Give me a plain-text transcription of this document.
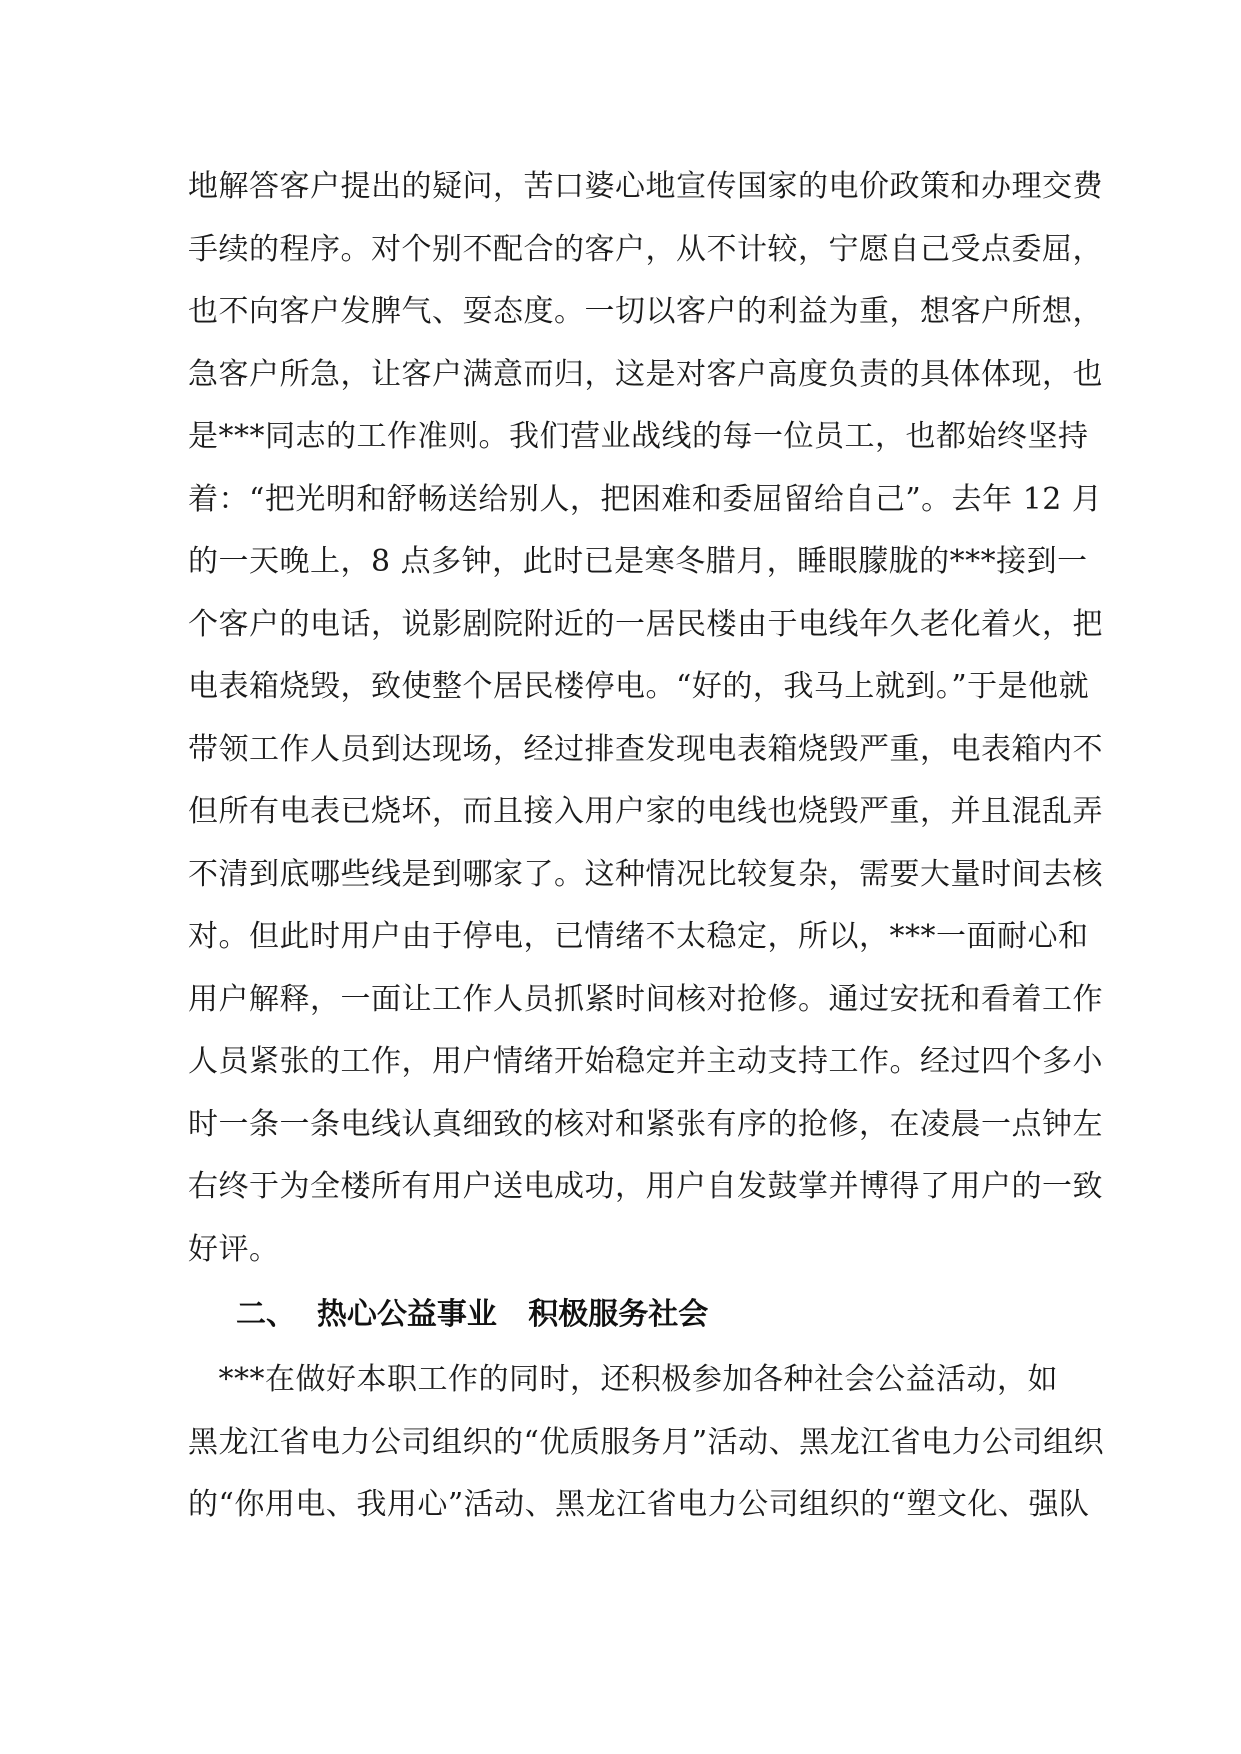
地解答客户提出的疑问，苦口婆心地宣传国家的电价政策和办理交费
手续的程序。对个别不配合的客户，从不计较，宁愿自己受点委屈，
也不向客户发脾气、耍态度。一切以客户的利益为重，想客户所想，
急客户所急，让客户满意而归，这是对客户高度负责的具体体现，也
是***同志的工作准则。我们营业战线的每一位员工，也都始终坚持
着：“把光明和舒畅送给别人，把困难和委屈留给自己”。去年 12 月
的一天晚上，8 点多钟，此时已是寒冬腊月，睡眼朦胧的***接到一
个客户的电话，说影剧院附近的一居民楼由于电线年久老化着火，把
电表箱烧毁，致使整个居民楼停电。“好的，我马上就到。”于是他就
带领工作人员到达现场，经过排查发现电表箱烧毁严重，电表箱内不
但所有电表已烧坏，而且接入用户家的电线也烧毁严重，并且混乱弄
不清到底哪些线是到哪家了。这种情况比较复杂，需要大量时间去核
对。但此时用户由于停电，已情绪不太稳定，所以，***一面耐心和
用户解释，一面让工作人员抓紧时间核对抢修。通过安抚和看着工作
人员紧张的工作，用户情绪开始稳定并主动支持工作。经过四个多小
时一条一条电线认真细致的核对和紧张有序的抢修，在凌晨一点钟左
右终于为全楼所有用户送电成功，用户自发鼓掌并博得了用户的一致
好评。
二、  热心公益事业   积极服务社会
　***在做好本职工作的同时，还积极参加各种社会公益活动，如
黑龙江省电力公司组织的“优质服务月”活动、黑龙江省电力公司组织
的“你用电、我用心”活动、黑龙江省电力公司组织的“塑文化、强队
